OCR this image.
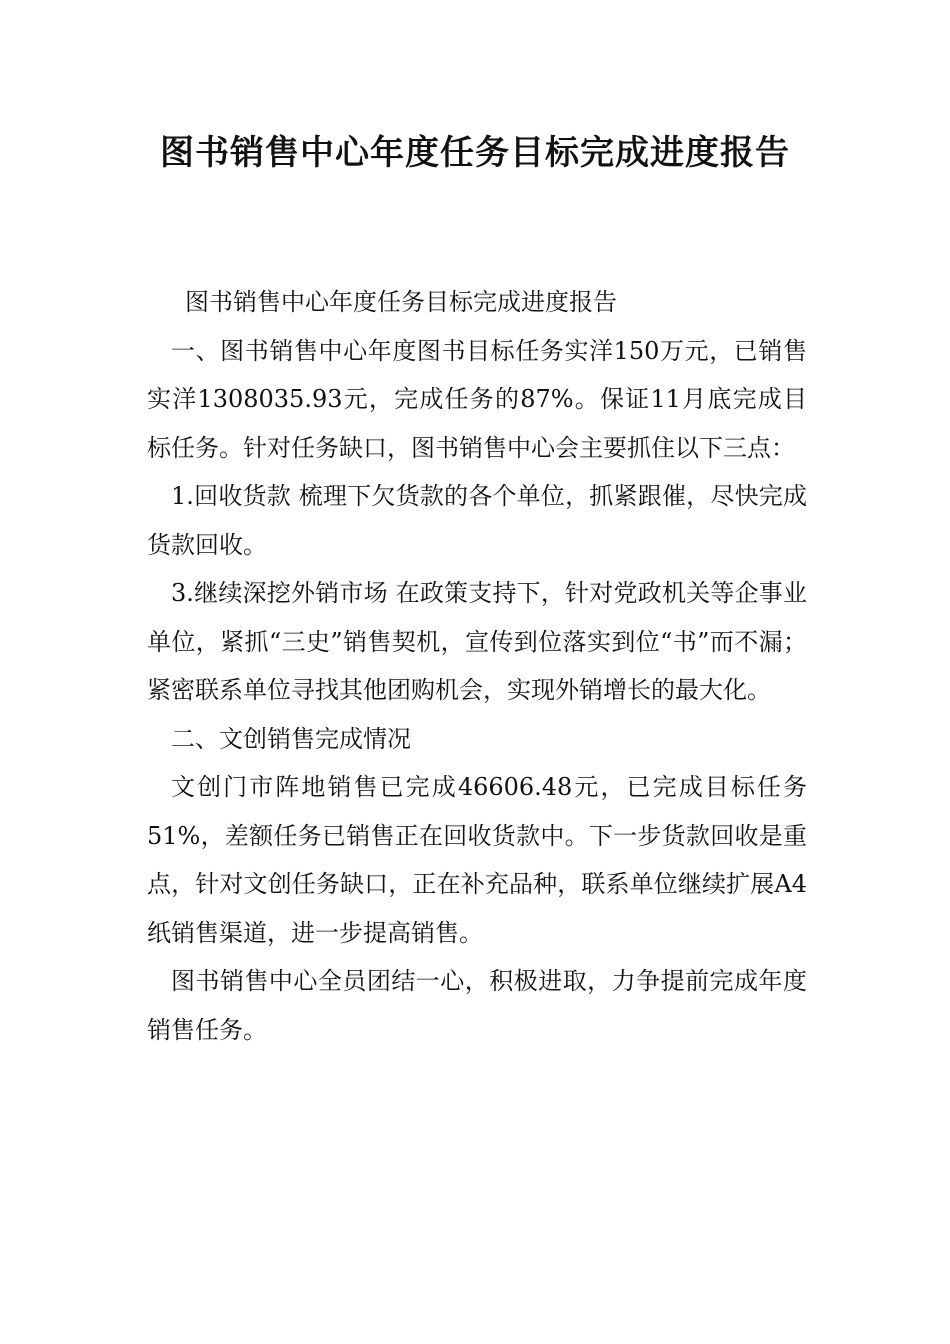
图书销售中心年度任务目标完成进度报告

图书销售中心年度任务目标完成进度报告

一、图书销售中心年度图书目标任务实洋150万元，已销售实洋1308035.93元，完成任务的87%。保证11月底完成目标任务。针对任务缺口，图书销售中心会主要抓住以下三点：

1.回收货款 梳理下欠货款的各个单位，抓紧跟催，尽快完成货款回收。

3.继续深挖外销市场 在政策支持下，针对党政机关等企事业单位，紧抓“三史”销售契机，宣传到位落实到位“书”而不漏；紧密联系单位寻找其他团购机会，实现外销增长的最大化。

二、文创销售完成情况

文创门市阵地销售已完成46606.48元，已完成目标任务51%，差额任务已销售正在回收货款中。下一步货款回收是重点，针对文创任务缺口，正在补充品种，联系单位继续扩展A4纸销售渠道，进一步提高销售。

图书销售中心全员团结一心，积极进取，力争提前完成年度销售任务。
